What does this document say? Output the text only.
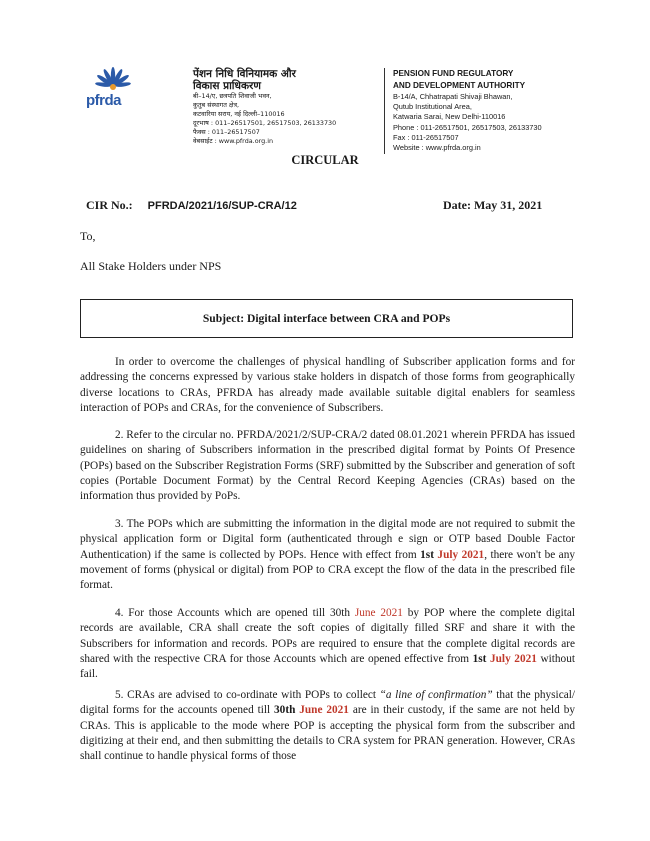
pfrda

पेंशन निधि विनियामक और

विकास प्राधिकरण

बी–14/ए, छत्रपति शिवाजी भवन,

कुतुब संस्थागत क्षेत्र,

कटवारिया सराय, नई दिल्ली–110016

दूरभाष : 011–26517501, 26517503, 26133730

फैक्स : 011–26517507

वेबसाईट : www.pfrda.org.in

PENSION FUND REGULATORY

AND DEVELOPMENT AUTHORITY

B-14/A, Chhatrapati Shivaji Bhawan,

Qutub Institutional Area,

Katwaria Sarai, New Delhi-110016

Phone : 011-26517501, 26517503, 26133730

Fax : 011-26517507

Website : www.pfrda.org.in

CIRCULAR
CIR No.: PFRDA/2021/16/SUP-CRA/12	Date: May 31, 2021
To,
All Stake Holders under NPS
Subject: Digital interface between CRA and POPs

In order to overcome the challenges of physical handling of Subscriber application forms and for addressing the concerns expressed by various stake holders in dispatch of those forms from geographically diverse locations to CRAs, PFRDA has already made available suitable digital enablers for seamless interaction of POPs and CRAs, for the convenience of Subscribers.

2. Refer to the circular no. PFRDA/2021/2/SUP-CRA/2 dated 08.01.2021 wherein PFRDA has issued guidelines on sharing of Subscribers information in the prescribed digital format by Points Of Presence (POPs) based on the Subscriber Registration Forms (SRF) submitted by the Subscriber and generation of soft copies (Portable Document Format) by the Central Record Keeping Agencies (CRAs) based on the information thus provided by PoPs.

3. The POPs which are submitting the information in the digital mode are not required to submit the physical application form or Digital form (authenticated through e sign or OTP based Double Factor Authentication) if the same is collected by POPs. Hence with effect from 1st July 2021, there won't be any movement of forms (physical or digital) from POP to CRA except the flow of the data in the prescribed file format.

4. For those Accounts which are opened till 30th June 2021 by POP where the complete digital records are available, CRA shall create the soft copies of digitally filled SRF and share it with the Subscribers for information and records. POPs are required to ensure that the complete digital records are shared with the respective CRA for those Accounts which are opened effective from 1st July 2021 without fail.

5. CRAs are advised to co-ordinate with POPs to collect “a line of confirmation” that the physical/ digital forms for the accounts opened till 30th June 2021 are in their custody, if the same are not held by CRAs. This is applicable to the mode where POP is accepting the physical form from the subscriber and digitizing at their end, and then submitting the details to CRA system for PRAN generation. However, CRAs shall continue to handle physical forms of those
